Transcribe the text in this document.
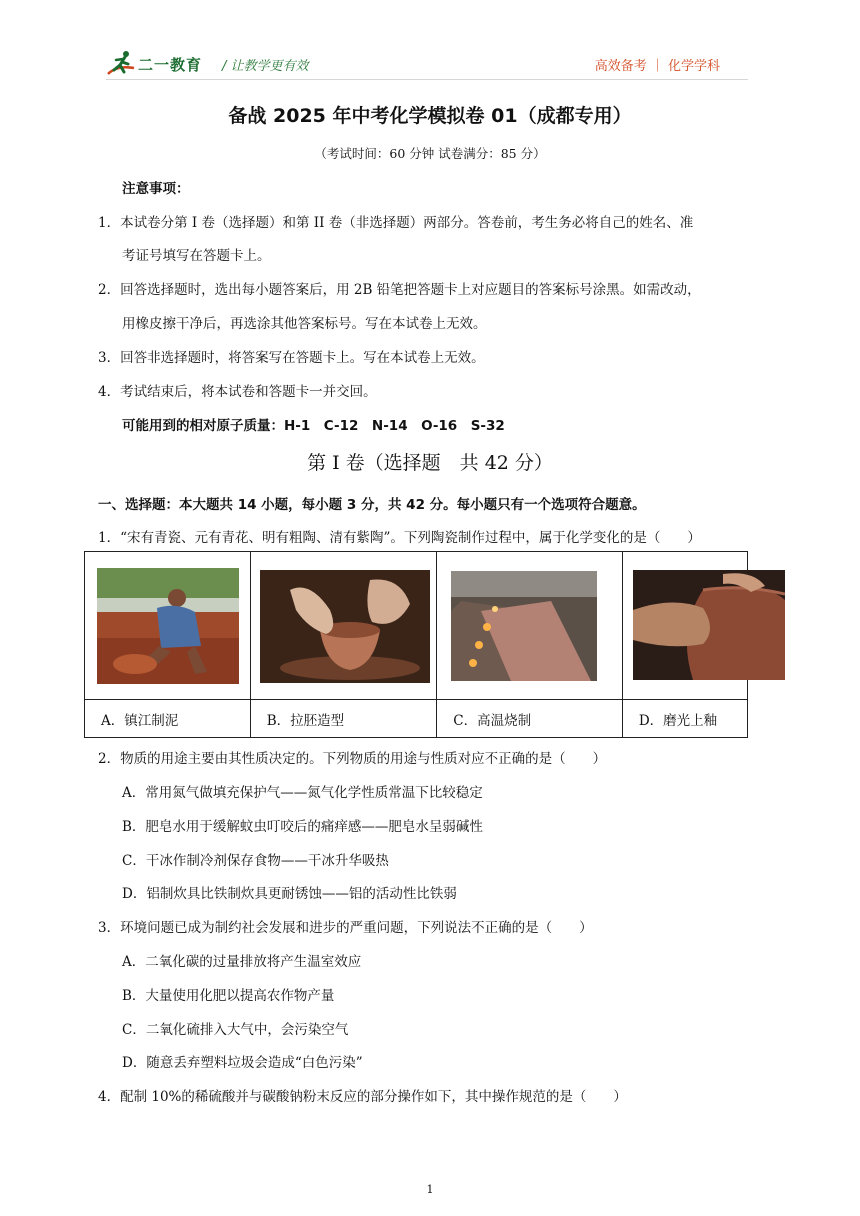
二一教育 / 让教学更有效	高效备考 ｜ 化学学科
备战 2025 年中考化学模拟卷 01（成都专用）
（考试时间：60 分钟 试卷满分：85 分）
注意事项：
1．本试卷分第 I 卷（选择题）和第 II 卷（非选择题）两部分。答卷前，考生务必将自己的姓名、准
考证号填写在答题卡上。
2．回答选择题时，选出每小题答案后，用 2B 铅笔把答题卡上对应题目的答案标号涂黑。如需改动，
用橡皮擦干净后，再选涂其他答案标号。写在本试卷上无效。
3．回答非选择题时，将答案写在答题卡上。写在本试卷上无效。
4．考试结束后，将本试卷和答题卡一并交回。
可能用到的相对原子质量：H-1　C-12　N-14　O-16　S-32
第 I 卷（选择题　共 42 分）
一、选择题：本大题共 14 小题，每小题 3 分，共 42 分。每小题只有一个选项符合题意。
1．“宋有青瓷、元有青花、明有粗陶、清有紫陶”。下列陶瓷制作过程中，属于化学变化的是（　　）

A．镇江制泥	B．拉胚造型	C．高温烧制	D．磨光上釉
2．物质的用途主要由其性质决定的。下列物质的用途与性质对应不正确的是（　　）
A．常用氮气做填充保护气——氮气化学性质常温下比较稳定
B．肥皂水用于缓解蚊虫叮咬后的痛痒感——肥皂水呈弱碱性
C．干冰作制冷剂保存食物——干冰升华吸热
D．铝制炊具比铁制炊具更耐锈蚀——铝的活动性比铁弱
3．环境问题已成为制约社会发展和进步的严重问题，下列说法不正确的是（　　）
A．二氧化碳的过量排放将产生温室效应
B．大量使用化肥以提高农作物产量
C．二氧化硫排入大气中，会污染空气
D．随意丢弃塑料垃圾会造成“白色污染”
4．配制 10%的稀硫酸并与碳酸钠粉末反应的部分操作如下，其中操作规范的是（　　）
1
